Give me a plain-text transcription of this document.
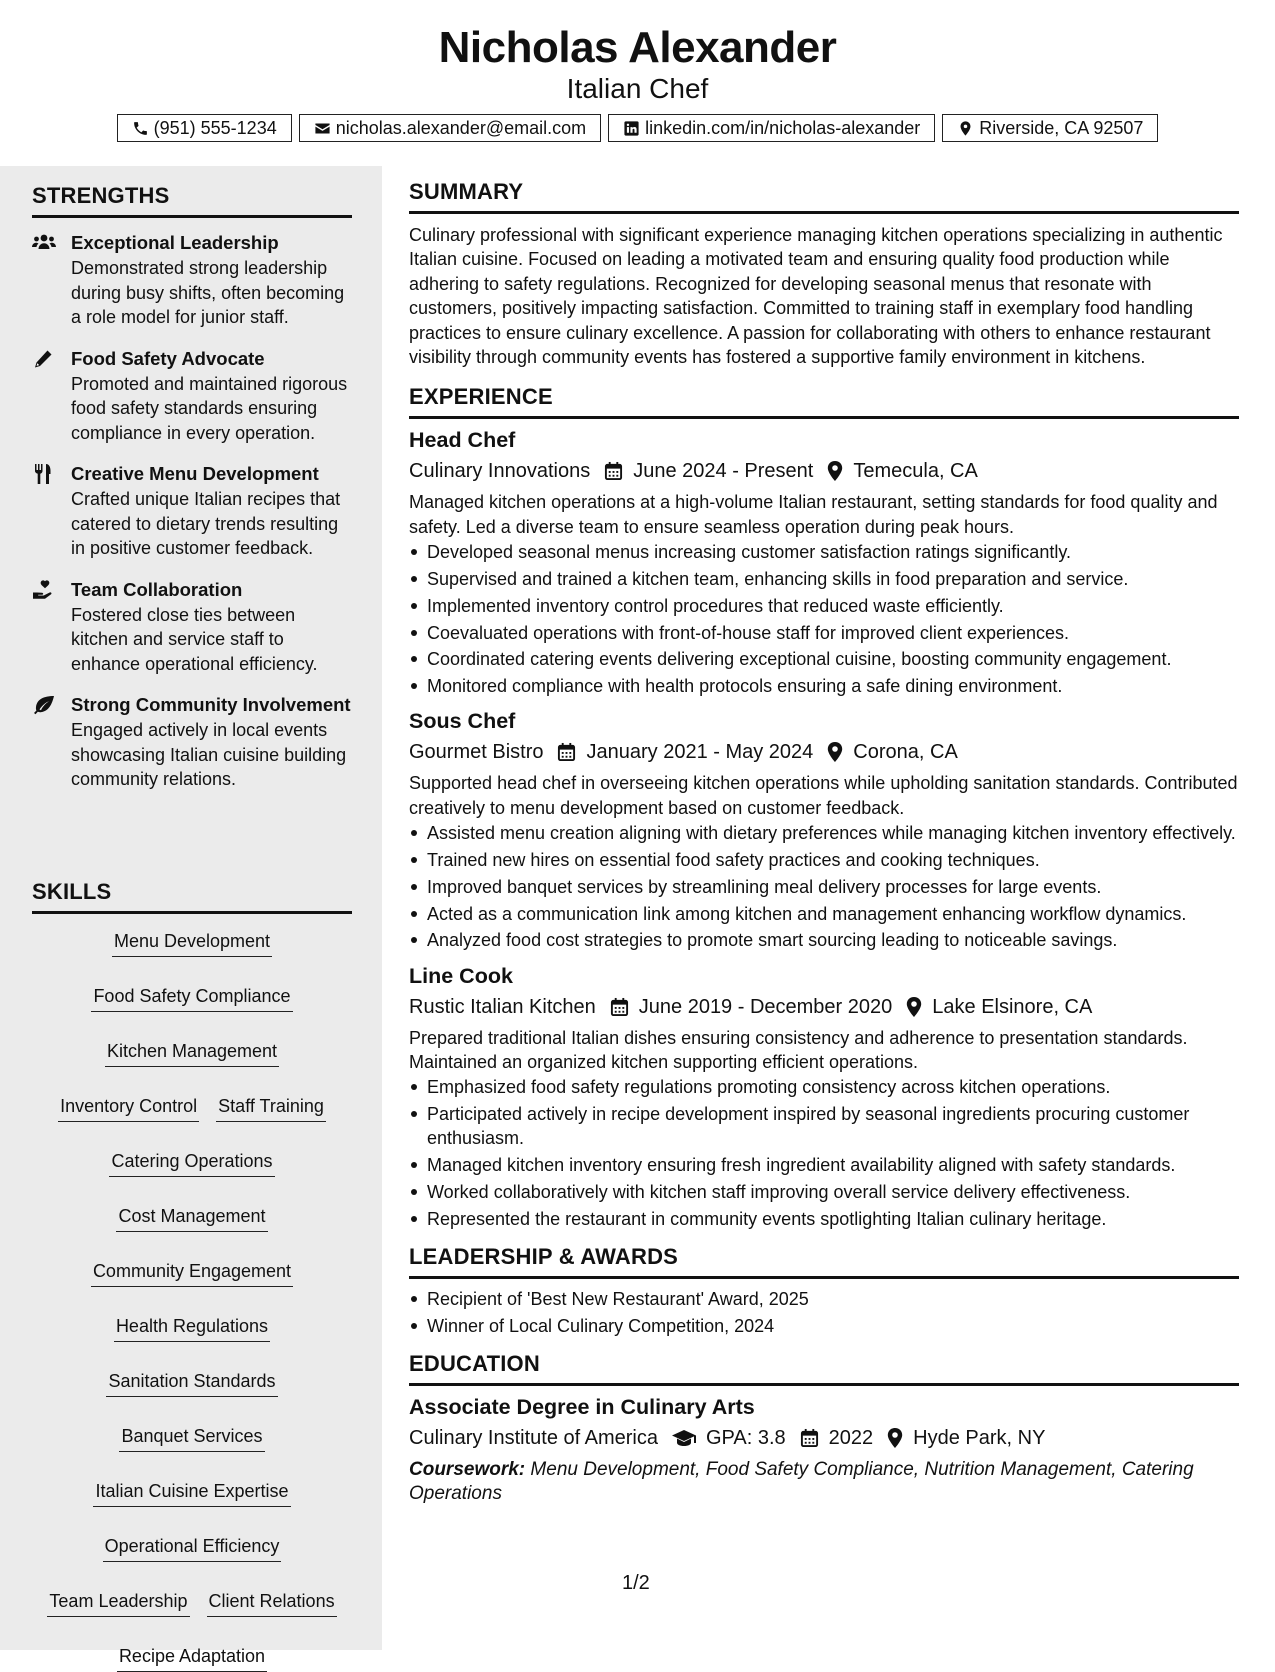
Nicholas Alexander
Italian Chef
(951) 555-1234	nicholas.alexander@email.com	linkedin.com/in/nicholas-alexander	Riverside, CA 92507
STRENGTHS
Exceptional Leadership
Demonstrated strong leadership during busy shifts, often becoming a role model for junior staff.
Food Safety Advocate
Promoted and maintained rigorous food safety standards ensuring compliance in every operation.
Creative Menu Development
Crafted unique Italian recipes that catered to dietary trends resulting in positive customer feedback.
Team Collaboration
Fostered close ties between kitchen and service staff to enhance operational efficiency.
Strong Community Involvement
Engaged actively in local events showcasing Italian cuisine building community relations.
SKILLS
Menu Development
Food Safety Compliance
Kitchen Management
Inventory Control Staff Training
Catering Operations
Cost Management
Community Engagement
Health Regulations
Sanitation Standards
Banquet Services
Italian Cuisine Expertise
Operational Efficiency
Team Leadership Client Relations
Recipe Adaptation
SUMMARY
Culinary professional with significant experience managing kitchen operations specializing in authentic Italian cuisine. Focused on leading a motivated team and ensuring quality food production while adhering to safety regulations. Recognized for developing seasonal menus that resonate with customers, positively impacting satisfaction. Committed to training staff in exemplary food handling practices to ensure culinary excellence. A passion for collaborating with others to enhance restaurant visibility through community events has fostered a supportive family environment in kitchens.
EXPERIENCE
Head Chef
Culinary Innovations June 2024 - Present Temecula, CA
Managed kitchen operations at a high-volume Italian restaurant, setting standards for food quality and safety. Led a diverse team to ensure seamless operation during peak hours.
Developed seasonal menus increasing customer satisfaction ratings significantly.
Supervised and trained a kitchen team, enhancing skills in food preparation and service.
Implemented inventory control procedures that reduced waste efficiently.
Coevaluated operations with front-of-house staff for improved client experiences.
Coordinated catering events delivering exceptional cuisine, boosting community engagement.
Monitored compliance with health protocols ensuring a safe dining environment.
Sous Chef
Gourmet Bistro January 2021 - May 2024 Corona, CA
Supported head chef in overseeing kitchen operations while upholding sanitation standards. Contributed creatively to menu development based on customer feedback.
Assisted menu creation aligning with dietary preferences while managing kitchen inventory effectively.
Trained new hires on essential food safety practices and cooking techniques.
Improved banquet services by streamlining meal delivery processes for large events.
Acted as a communication link among kitchen and management enhancing workflow dynamics.
Analyzed food cost strategies to promote smart sourcing leading to noticeable savings.
Line Cook
Rustic Italian Kitchen June 2019 - December 2020 Lake Elsinore, CA
Prepared traditional Italian dishes ensuring consistency and adherence to presentation standards. Maintained an organized kitchen supporting efficient operations.
Emphasized food safety regulations promoting consistency across kitchen operations.
Participated actively in recipe development inspired by seasonal ingredients procuring customer enthusiasm.
Managed kitchen inventory ensuring fresh ingredient availability aligned with safety standards.
Worked collaboratively with kitchen staff improving overall service delivery effectiveness.
Represented the restaurant in community events spotlighting Italian culinary heritage.
LEADERSHIP & AWARDS
Recipient of 'Best New Restaurant' Award, 2025
Winner of Local Culinary Competition, 2024
EDUCATION
Associate Degree in Culinary Arts
Culinary Institute of America GPA: 3.8 2022 Hyde Park, NY
Coursework: Menu Development, Food Safety Compliance, Nutrition Management, Catering Operations
1/2
